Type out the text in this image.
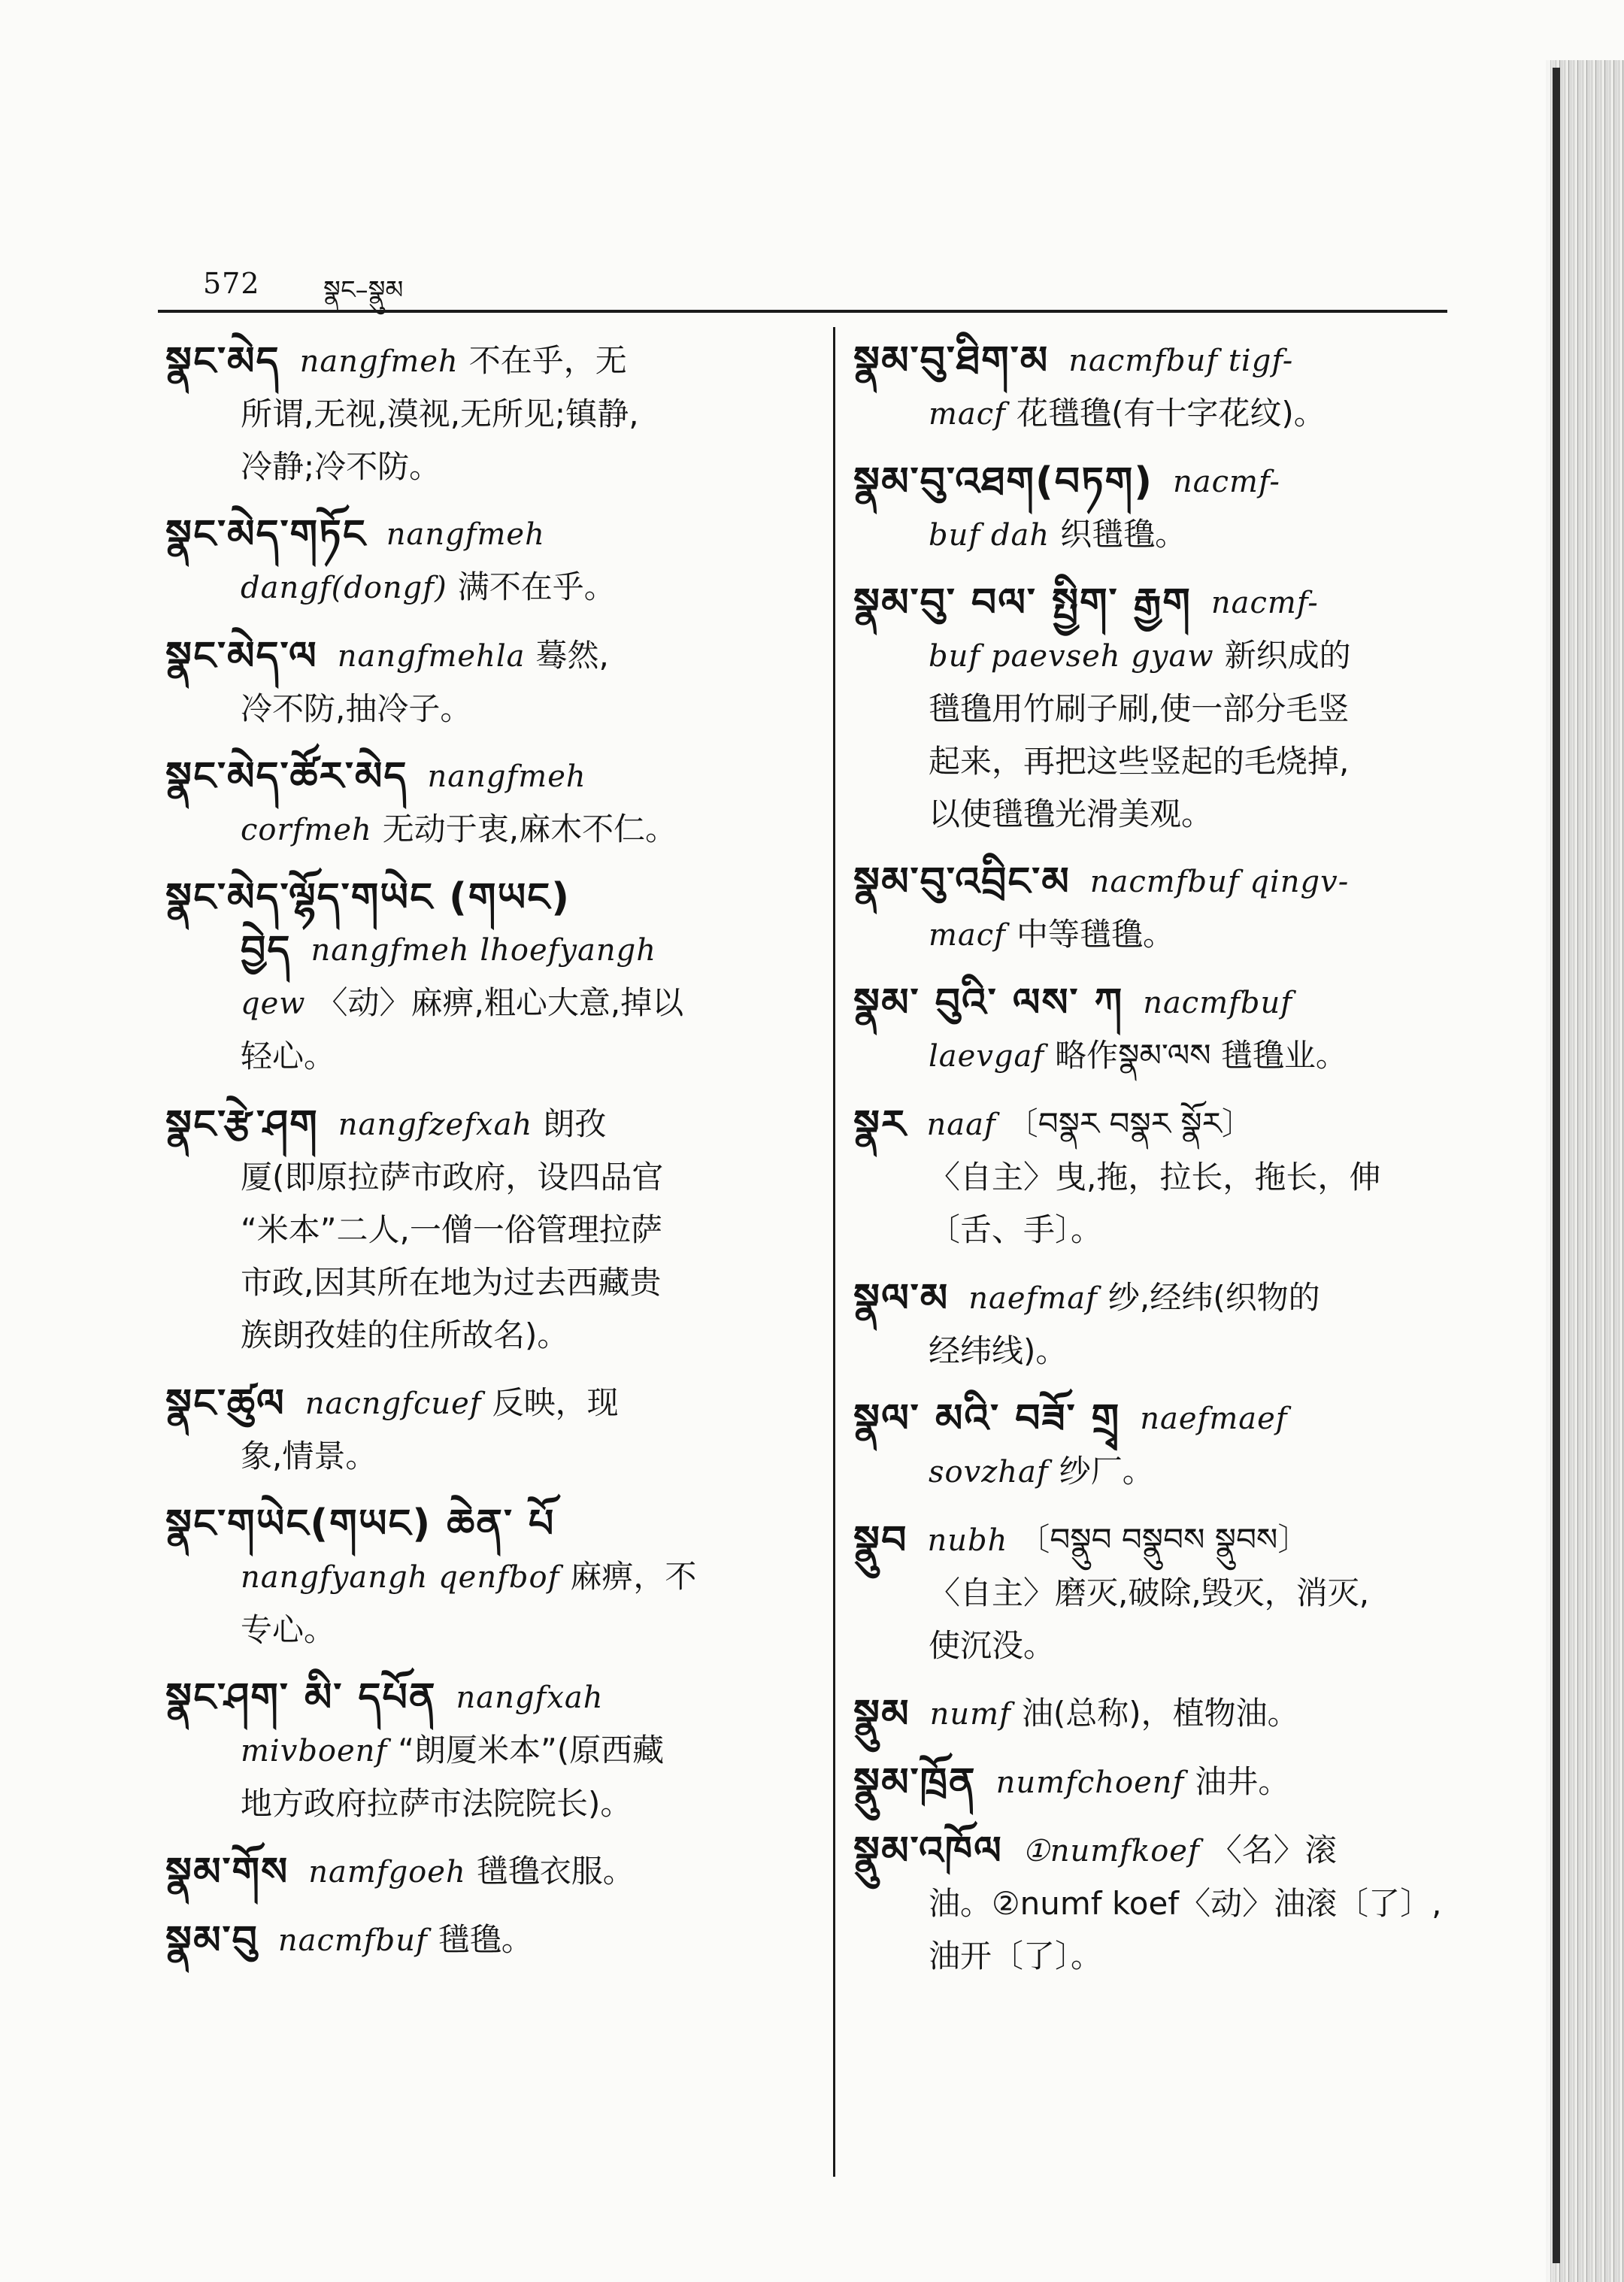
572 སྣང–སྣུམ

སྣང་མེད nangfmeh 不在乎，无

所谓,无视,漠视,无所见;镇静,

冷静;冷不防。

སྣང་མེད་གཏོང nangfmeh

dangf(dongf) 满不在乎。

སྣང་མེད་ལ nangfmehla 蓦然,

冷不防,抽冷子。

སྣང་མེད་ཚོར་མེད nangfmeh

corfmeh 无动于衷,麻木不仁。

སྣང་མེད་ལྷོད་གཡེང (གཡང)

བྱེད nangfmeh lhoefyangh

qew 〈动〉麻痹,粗心大意,掉以

轻心。

སྣང་རྩེ་ཤག nangfzefxah 朗孜

厦(即原拉萨市政府，设四品官

“米本”二人,一僧一俗管理拉萨

市政,因其所在地为过去西藏贵

族朗孜娃的住所故名)。

སྣང་ཚུལ nacngfcuef 反映，现

象,情景。

སྣང་གཡེང(གཡང) ཆེན་ པོ

nangfyangh qenfbof 麻痹，不

专心。

སྣང་ཤག་ མི་ དཔོན nangfxah

mivboenf “朗厦米本”(原西藏

地方政府拉萨市法院院长)。

སྣམ་གོས namfgoeh 氆氇衣服。

སྣམ་བུ nacmfbuf 氆氇。

སྣམ་བུ་ཐིག་མ nacmfbuf tigf-

macf 花氆氇(有十字花纹)。

སྣམ་བུ་འཐག(བཏག) nacmf-

buf dah 织氆氇。

སྣམ་བུ་ བལ་ སྤྱིག་ རྒྱག nacmf-

buf paevseh gyaw 新织成的

氆氇用竹刷子刷,使一部分毛竖

起来，再把这些竖起的毛烧掉,

以使氆氇光滑美观。

སྣམ་བུ་འབྲིང་མ nacmfbuf qingv-

macf 中等氆氇。

སྣམ་ བུའི་ ལས་ ཀ nacmfbuf

laevgaf 略作སྣམ་ལས 氆氇业。

སྣར naaf 〔བསྣར བསྣར སྣོར〕

〈自主〉曳,拖，拉长，拖长，伸

〔舌、手〕。

སྣལ་མ naefmaf 纱,经纬(织物的

经纬线)。

སྣལ་ མའི་ བཟོ་ གྲྭ naefmaef

sovzhaf 纱厂。

སྣུབ nubh 〔བསྣུབ བསྣུབས སྣུབས〕

〈自主〉磨灭,破除,毁灭，消灭,

使沉没。

སྣུམ numf 油(总称)，植物油。

སྣུམ་ཁྲོན numfchoenf 油井。

སྣུམ་འཁོལ ①numfkoef 〈名〉滚

油。②numf koef〈动〉油滚〔了〕,

油开〔了〕。
